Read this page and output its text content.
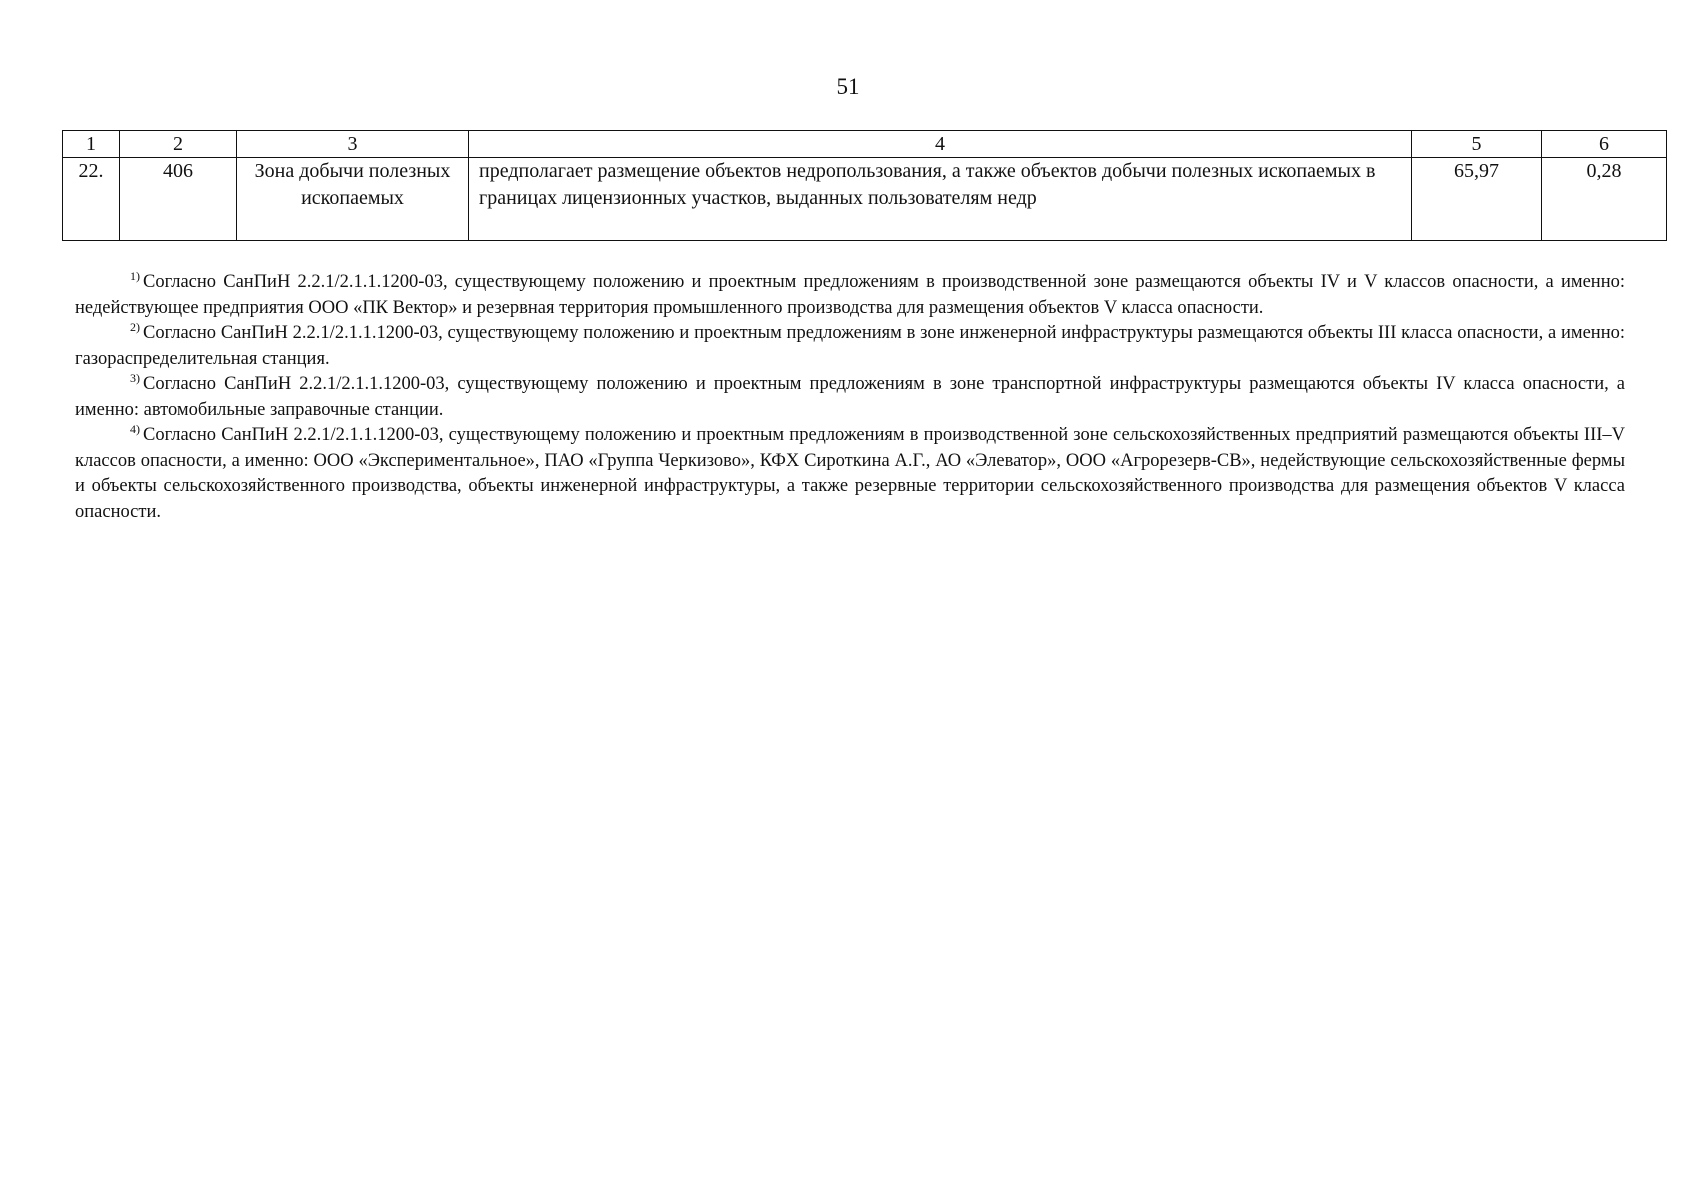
51
1	2	3	4	5	6
22.	406	Зона добычи полезных ископаемых	предполагает размещение объектов недропользования, а также объектов добычи полезных ископаемых в границах лицензионных участков, выданных пользователям недр	65,97	0,28

$^{1)}$ Согласно СанПиН 2.2.1/2.1.1.1200-03, существующему положению и проектным предложениям в производственной зоне размещаются объекты IV и V классов опасности, а именно: недействующее предприятия ООО «ПК Вектор» и резервная территория промышленного производства для размещения объектов V класса опасности.

$^{2)}$ Согласно СанПиН 2.2.1/2.1.1.1200-03, существующему положению и проектным предложениям в зоне инженерной инфраструктуры размещаются объекты III класса опасности, а именно: газораспределительная станция.

$^{3)}$ Согласно СанПиН 2.2.1/2.1.1.1200-03, существующему положению и проектным предложениям в зоне транспортной инфраструктуры размещаются объекты IV класса опасности, а именно: автомобильные заправочные станции.

$^{4)}$ Согласно СанПиН 2.2.1/2.1.1.1200-03, существующему положению и проектным предложениям в производственной зоне сельскохозяйственных предприятий размещаются объекты III–V классов опасности, а именно: ООО «Экспериментальное», ПАО «Группа Черкизово», КФХ Сироткина А.Г., АО «Элеватор», ООО «Агрорезерв-СВ», недействующие сельскохозяйственные фермы и объекты сельскохозяйственного производства, объекты инженерной инфраструктуры, а также резервные территории сельскохозяйственного производства для размещения объектов V класса опасности.
